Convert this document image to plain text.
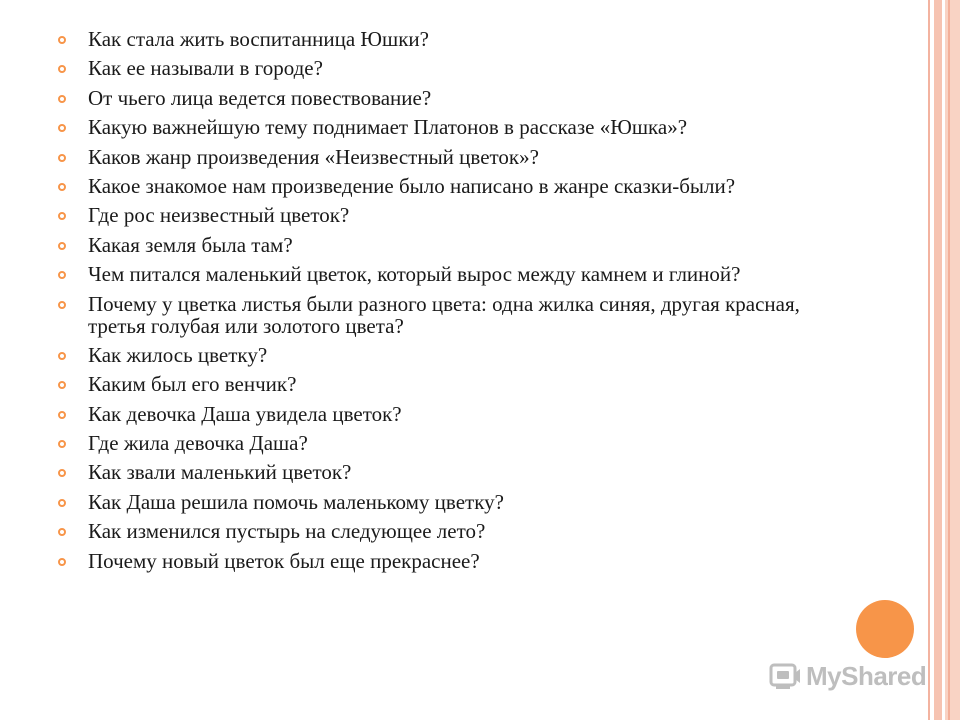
Как стала жить воспитанница Юшки?
Как ее называли в городе?
От чьего лица ведется повествование?
Какую важнейшую тему поднимает Платонов в рассказе «Юшка»?
Каков жанр произведения «Неизвестный цветок»?
Какое знакомое нам произведение было написано в жанре сказки-были?
Где рос неизвестный цветок?
Какая земля была там?
Чем питался маленький цветок, который вырос между камнем и глиной?
Почему у цветка листья были разного цвета: одна жилка синяя, другая красная, третья голубая или золотого цвета?
Как жилось цветку?
Каким был его венчик?
Как девочка Даша увидела цветок?
Где жила девочка Даша?
Как звали маленький цветок?
Как Даша решила помочь маленькому цветку?
Как изменился пустырь на следующее лето?
Почему новый цветок был еще прекраснее?
MyShared
